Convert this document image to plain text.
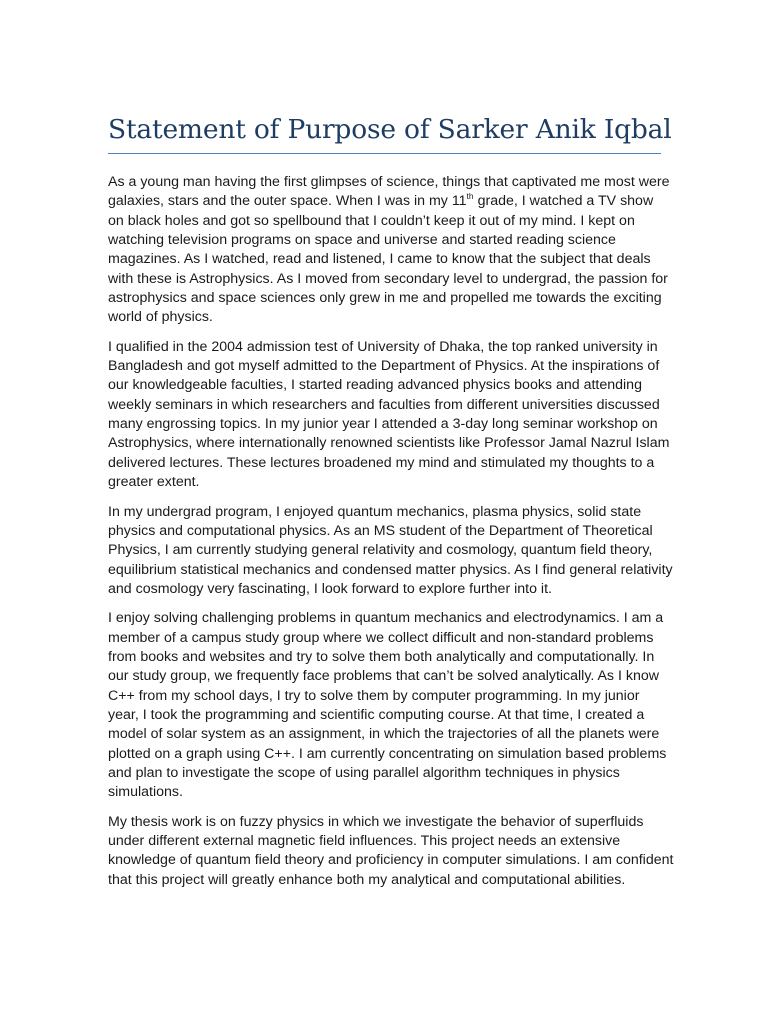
Statement of Purpose of Sarker Anik Iqbal

As a young man having the first glimpses of science, things that captivated me most were
galaxies, stars and the outer space. When I was in my 11th grade, I watched a TV show
on black holes and got so spellbound that I couldn’t keep it out of my mind. I kept on
watching television programs on space and universe and started reading science
magazines. As I watched, read and listened, I came to know that the subject that deals
with these is Astrophysics. As I moved from secondary level to undergrad, the passion for
astrophysics and space sciences only grew in me and propelled me towards the exciting
world of physics.

I qualified in the 2004 admission test of University of Dhaka, the top ranked university in
Bangladesh and got myself admitted to the Department of Physics. At the inspirations of
our knowledgeable faculties, I started reading advanced physics books and attending
weekly seminars in which researchers and faculties from different universities discussed
many engrossing topics. In my junior year I attended a 3-day long seminar workshop on
Astrophysics, where internationally renowned scientists like Professor Jamal Nazrul Islam
delivered lectures. These lectures broadened my mind and stimulated my thoughts to a
greater extent.

In my undergrad program, I enjoyed quantum mechanics, plasma physics, solid state
physics and computational physics. As an MS student of the Department of Theoretical
Physics, I am currently studying general relativity and cosmology, quantum field theory,
equilibrium statistical mechanics and condensed matter physics. As I find general relativity
and cosmology very fascinating, I look forward to explore further into it.

I enjoy solving challenging problems in quantum mechanics and electrodynamics. I am a
member of a campus study group where we collect difficult and non-standard problems
from books and websites and try to solve them both analytically and computationally. In
our study group, we frequently face problems that can’t be solved analytically. As I know
C++ from my school days, I try to solve them by computer programming. In my junior
year, I took the programming and scientific computing course. At that time, I created a
model of solar system as an assignment, in which the trajectories of all the planets were
plotted on a graph using C++. I am currently concentrating on simulation based problems
and plan to investigate the scope of using parallel algorithm techniques in physics
simulations.

My thesis work is on fuzzy physics in which we investigate the behavior of superfluids
under different external magnetic field influences. This project needs an extensive
knowledge of quantum field theory and proficiency in computer simulations. I am confident
that this project will greatly enhance both my analytical and computational abilities.
